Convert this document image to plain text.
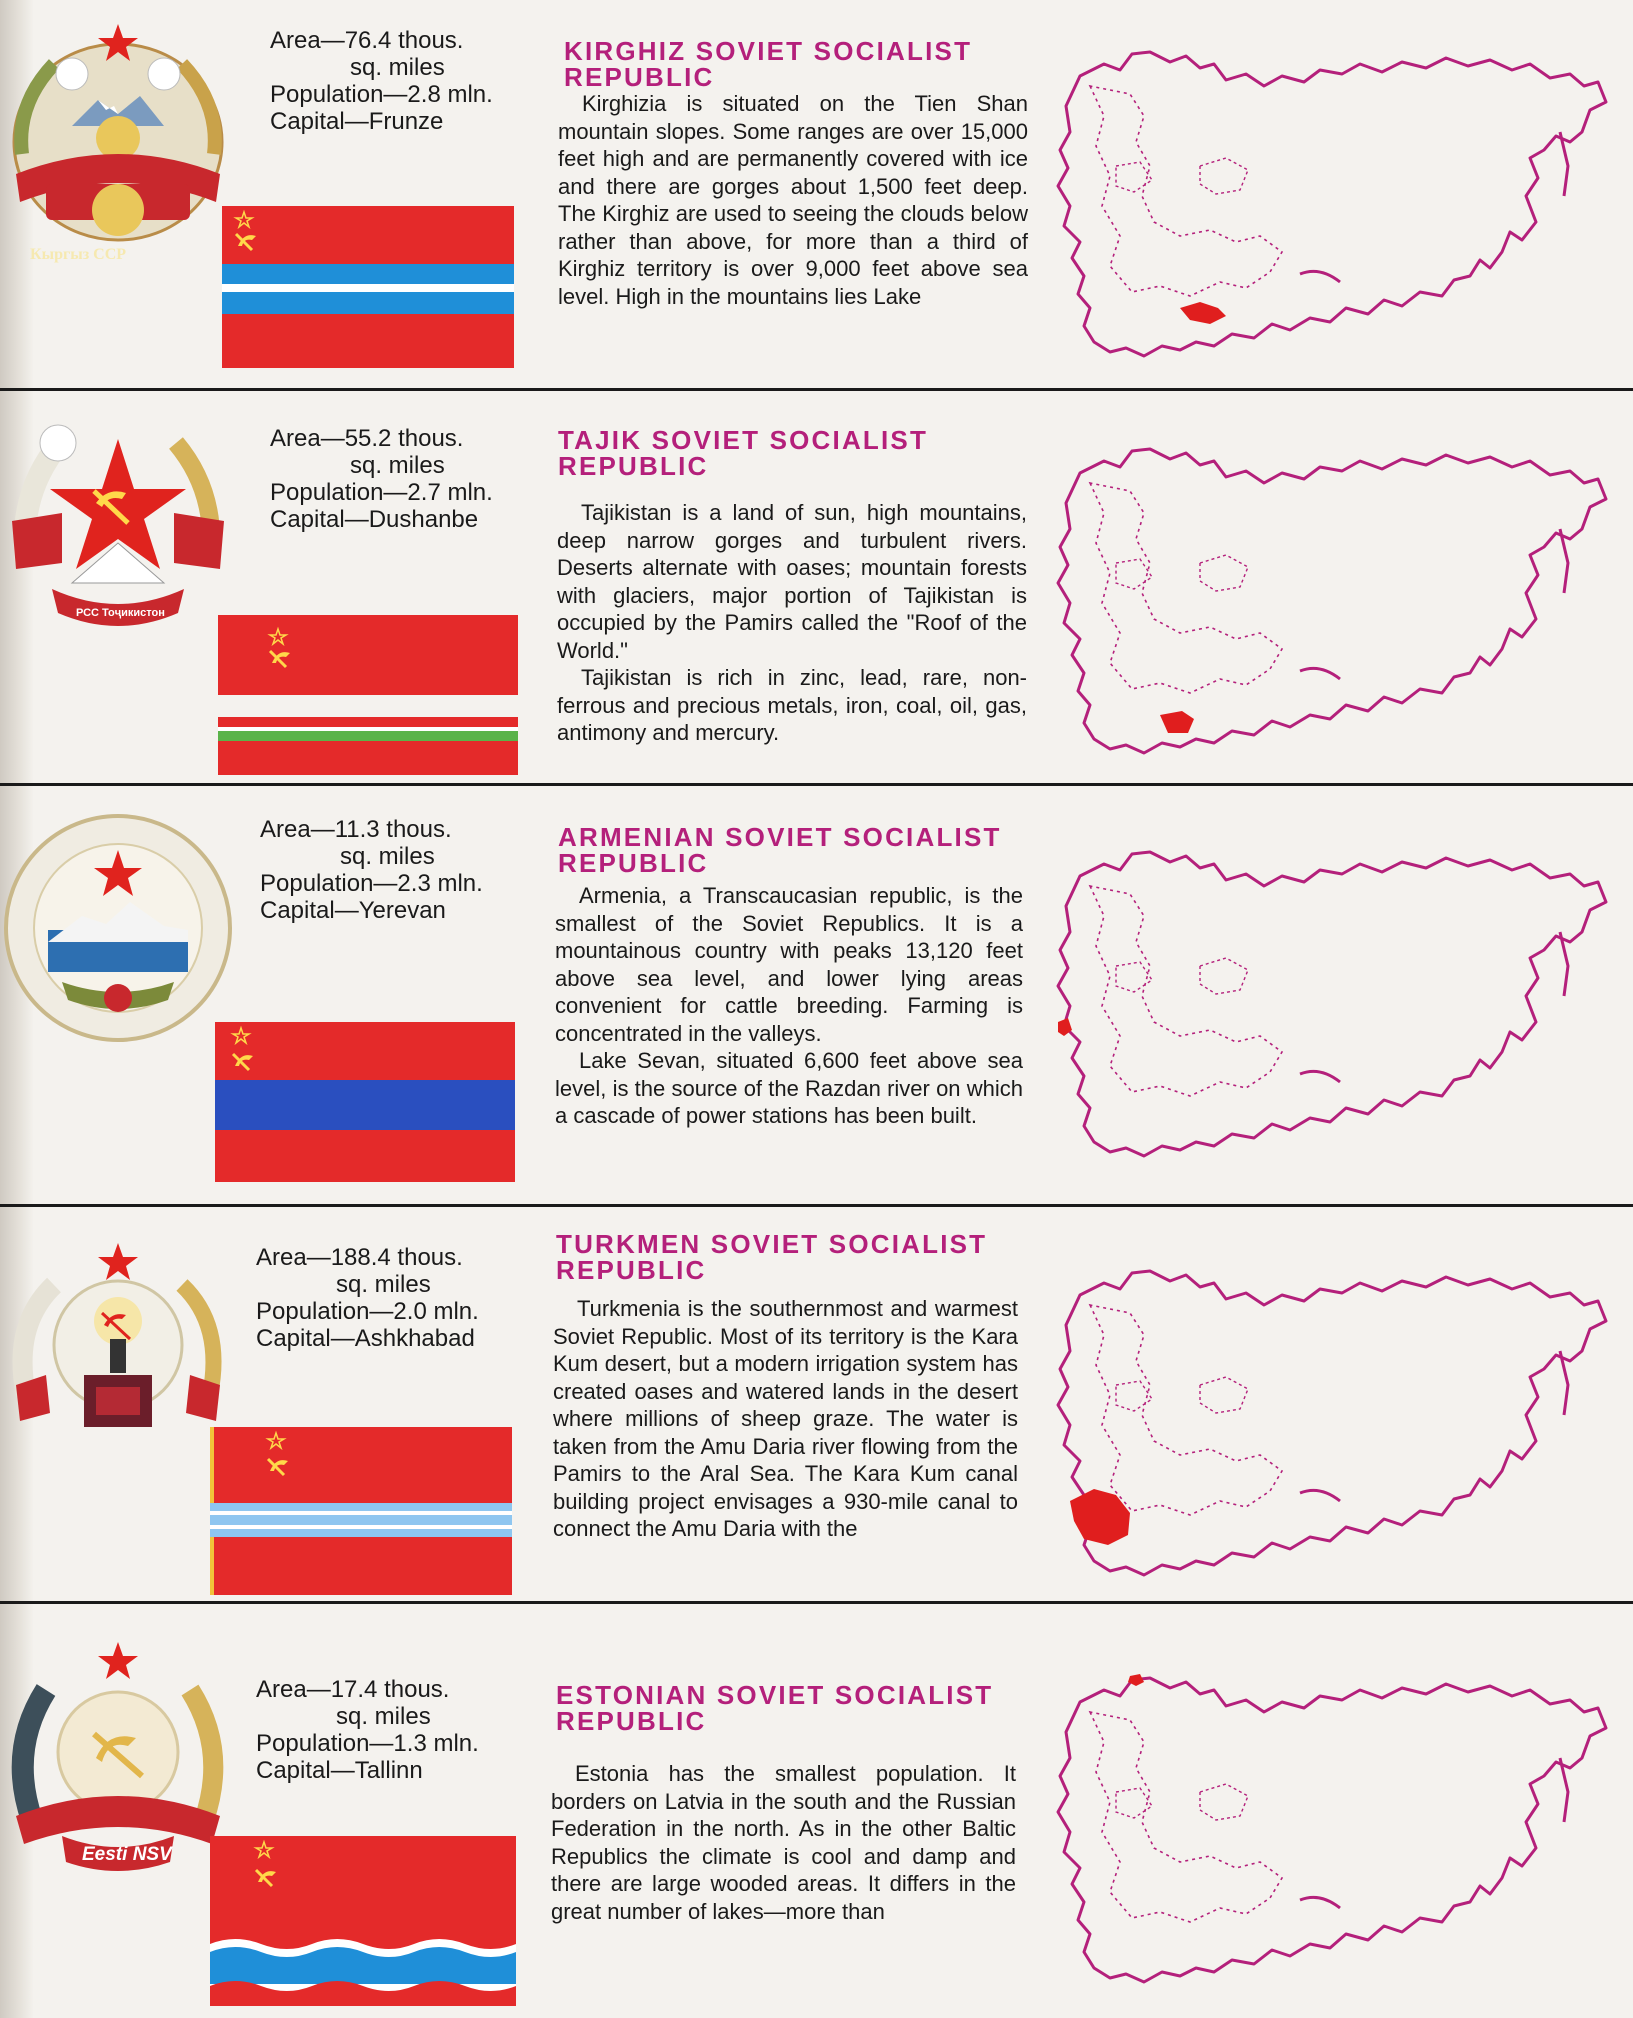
Кыргыз ССР
Area—76.4 thous.
sq. miles
Population—2.8 mln.
Capital—Frunze
KIRGHIZ SOVIET SOCIALIST
REPUBLIC

Kirghizia is situated on the Tien Shan mountain slopes. Some ranges are over 15,000 feet high and are permanently covered with ice and there are gorges about 1,500 feet deep. The Kirghiz are used to seeing the clouds below rather than above, for more than a third of Kirghiz territory is over 9,000 feet above sea level. High in the mountains lies Lake

РСС Тоҷикистон
Area—55.2 thous.
sq. miles
Population—2.7 mln.
Capital—Dushanbe
TAJIK SOVIET SOCIALIST
REPUBLIC

Tajikistan is a land of sun, high mountains, deep narrow gorges and turbulent rivers. Deserts alternate with oases; mountain forests with glaciers, major portion of Tajikistan is occupied by the Pamirs called the "Roof of the World."

Tajikistan is rich in zinc, lead, rare, non-ferrous and precious metals, iron, coal, oil, gas, antimony and mercury.

Area—11.3 thous.
sq. miles
Population—2.3 mln.
Capital—Yerevan
ARMENIAN SOVIET SOCIALIST
REPUBLIC

Armenia, a Transcaucasian republic, is the smallest of the Soviet Republics. It is a mountainous country with peaks 13,120 feet above sea level, and lower lying areas convenient for cattle breeding. Farming is concentrated in the valleys.

Lake Sevan, situated 6,600 feet above sea level, is the source of the Razdan river on which a cascade of power stations has been built.

Area—188.4 thous.
sq. miles
Population—2.0 mln.
Capital—Ashkhabad
TURKMEN SOVIET SOCIALIST
REPUBLIC

Turkmenia is the southernmost and warmest Soviet Republic. Most of its territory is the Kara Kum desert, but a modern irrigation system has created oases and watered lands in the desert where millions of sheep graze. The water is taken from the Amu Daria river flowing from the Pamirs to the Aral Sea. The Kara Kum canal building project envisages a 930-mile canal to connect the Amu Daria with the

Eesti NSV
Area—17.4 thous.
sq. miles
Population—1.3 mln.
Capital—Tallinn
ESTONIAN SOVIET SOCIALIST
REPUBLIC

Estonia has the smallest population. It borders on Latvia in the south and the Russian Federation in the north. As in the other Baltic Republics the climate is cool and damp and there are large wooded areas. It differs in the great number of lakes—more than
